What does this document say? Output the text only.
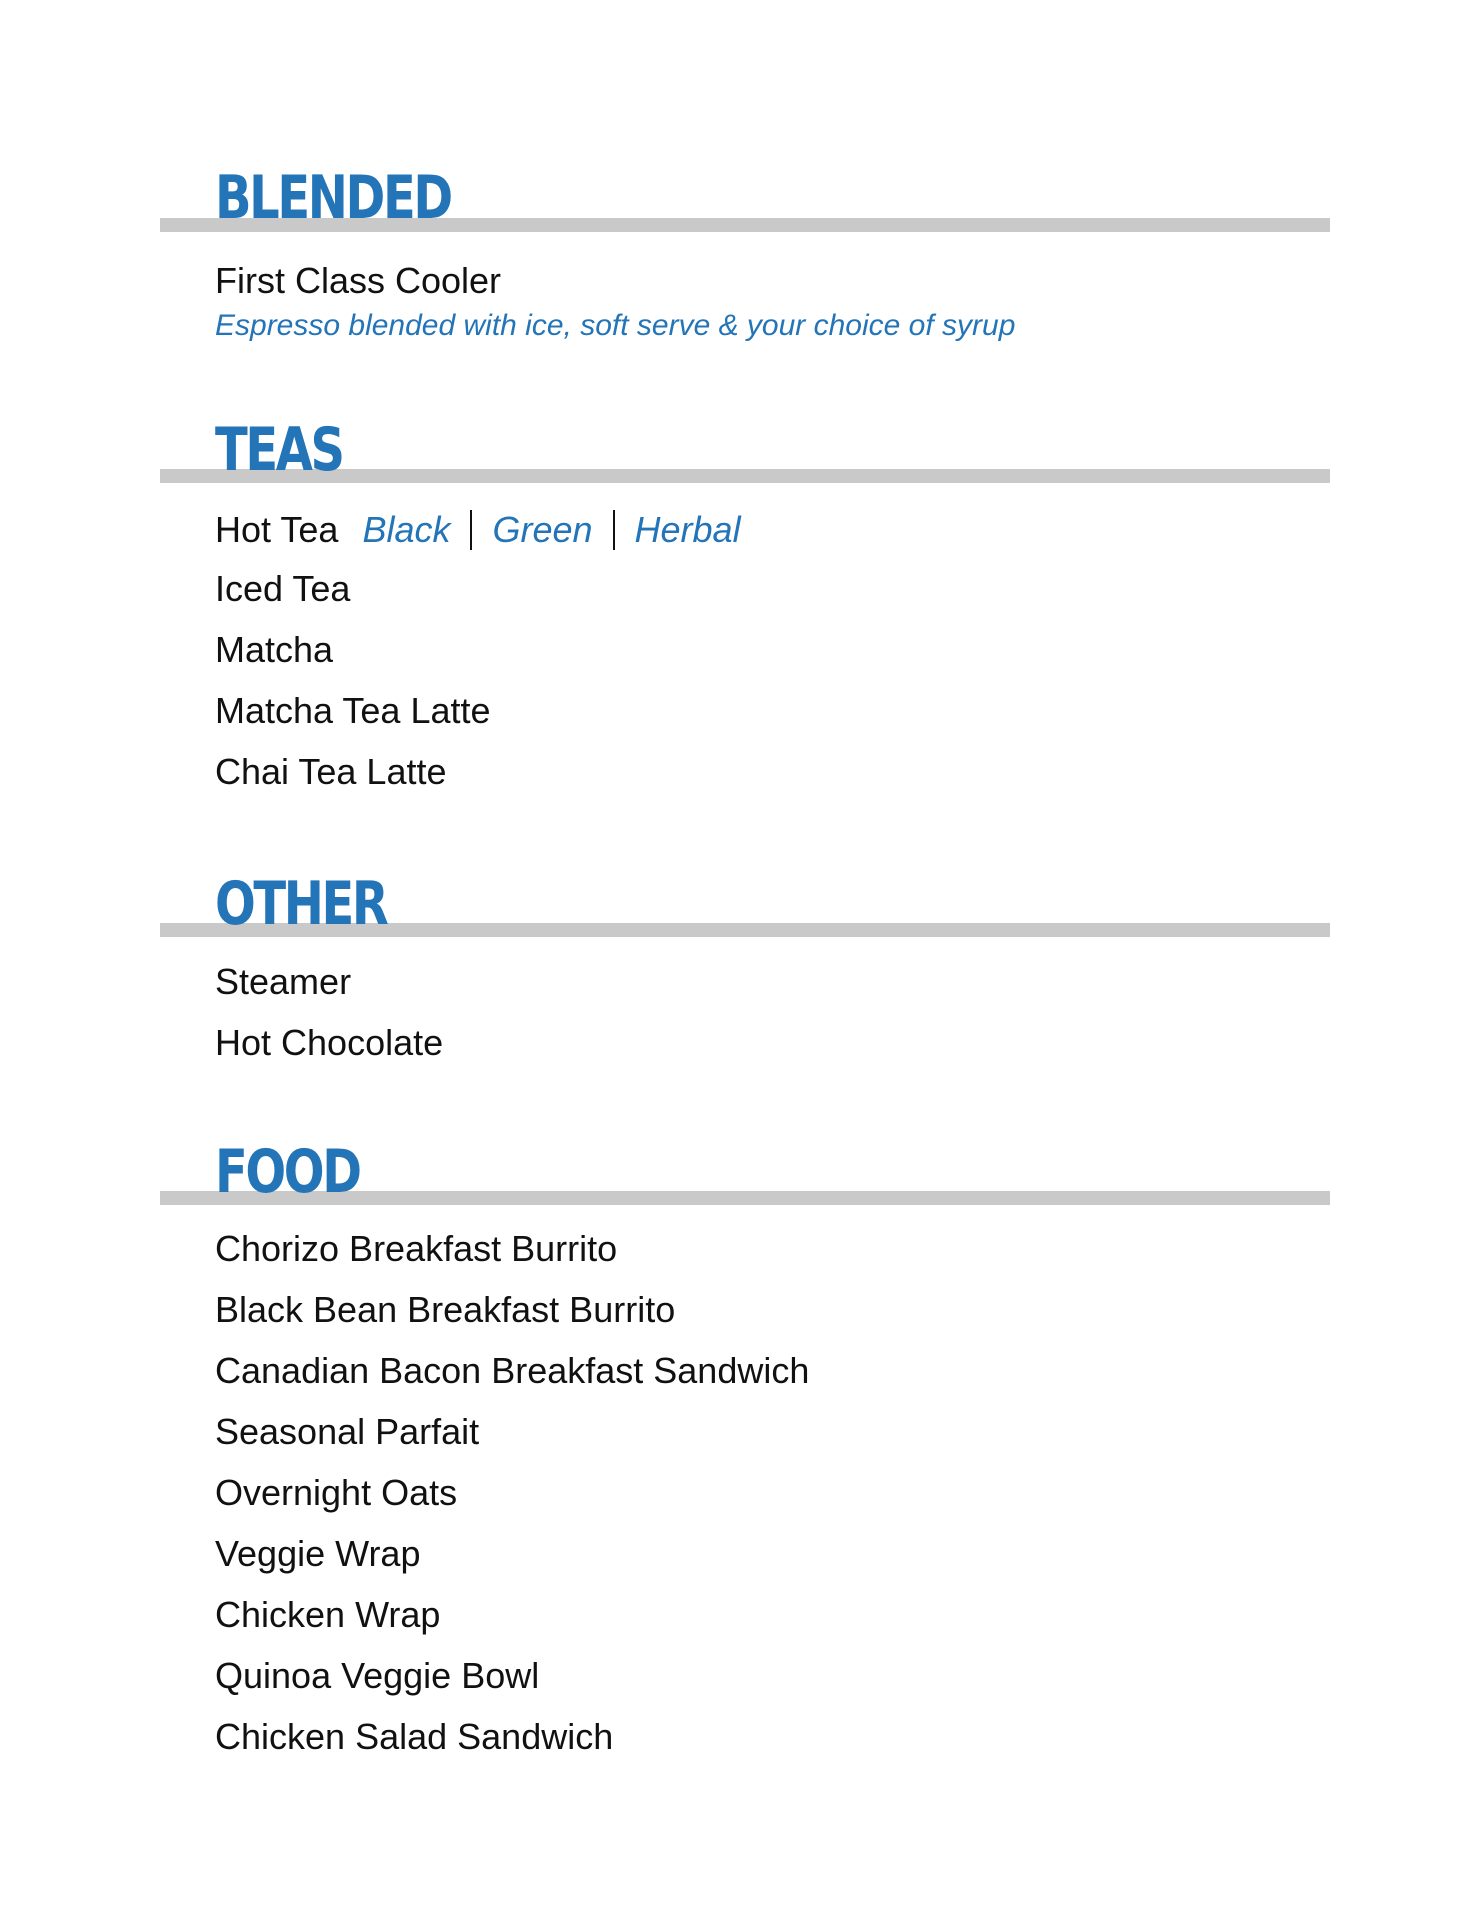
BLENDED

First Class Cooler

Espresso blended with ice, soft serve & your choice of syrup

TEAS

Hot Tea Black Green Herbal

Iced Tea

Matcha

Matcha Tea Latte

Chai Tea Latte

OTHER

Steamer

Hot Chocolate

FOOD

Chorizo Breakfast Burrito

Black Bean Breakfast Burrito

Canadian Bacon Breakfast Sandwich

Seasonal Parfait

Overnight Oats

Veggie Wrap

Chicken Wrap

Quinoa Veggie Bowl

Chicken Salad Sandwich
